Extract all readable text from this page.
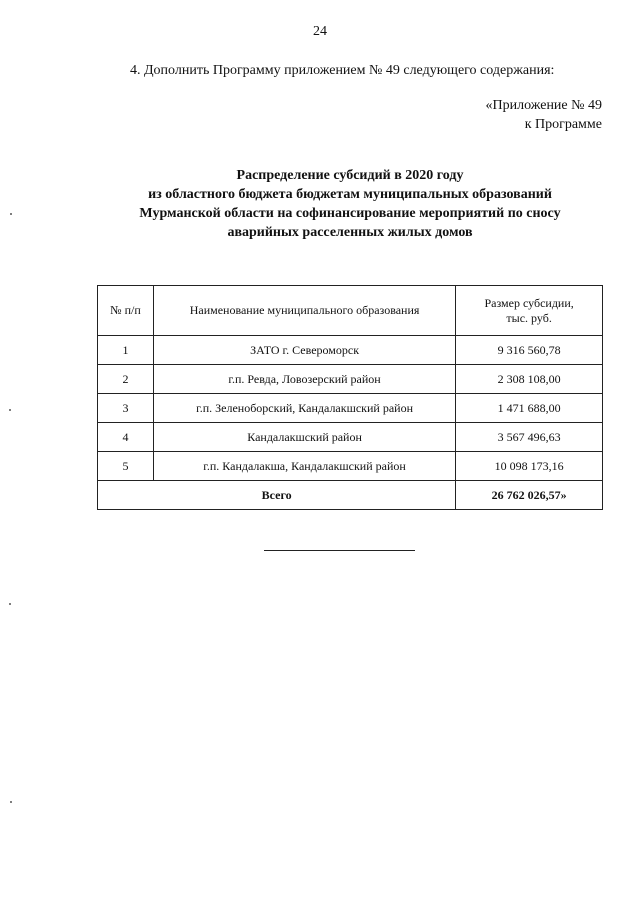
24
4. Дополнить Программу приложением № 49 следующего содержания:
«Приложение № 49
к Программе
Распределение субсидий в 2020 году
из областного бюджета бюджетам муниципальных образований
Мурманской области на софинансирование мероприятий по сносу
аварийных расселенных жилых домов
№ п/п	Наименование муниципального образования	Размер субсидии,
тыс. руб.

1	ЗАТО г. Североморск	9 316 560,78
2	г.п. Ревда, Ловозерский район	2 308 108,00
3	г.п. Зеленоборский, Кандалакшский район	1 471 688,00
4	Кандалакшский район	3 567 496,63
5	г.п. Кандалакша, Кандалакшский район	10 098 173,16
Всего		26 762 026,57»
